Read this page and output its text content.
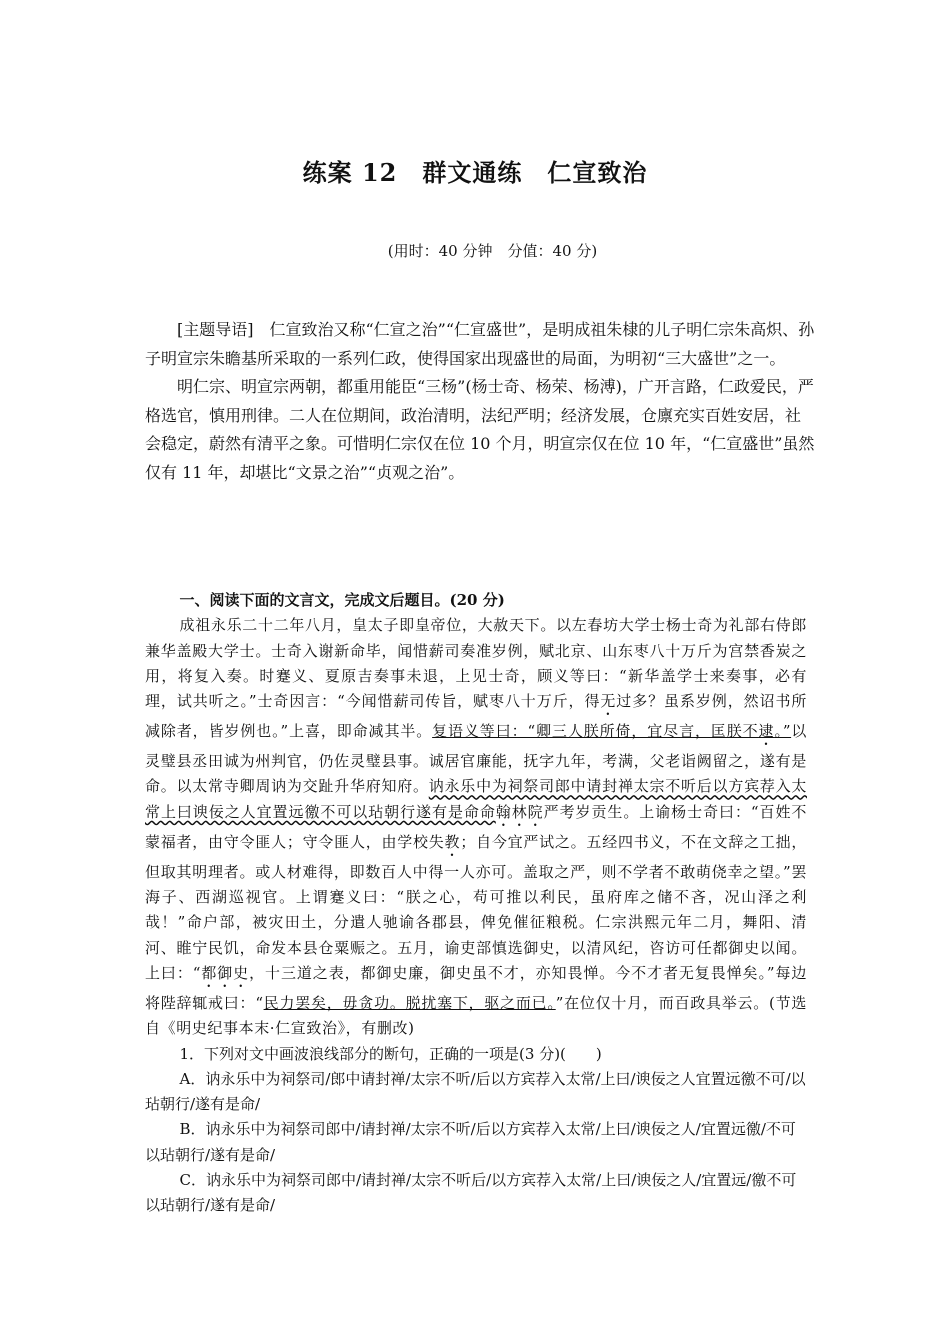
练案 12　群文通练　仁宣致治
(用时：40 分钟　分值：40 分)

[主题导语]　仁宣致治又称“仁宣之治”“仁宣盛世”，是明成祖朱棣的儿子明仁宗朱高炽、孙子明宣宗朱瞻基所采取的一系列仁政，使得国家出现盛世的局面，为明初“三大盛世”之一。

明仁宗、明宣宗两朝，都重用能臣“三杨”(杨士奇、杨荣、杨溥)，广开言路，仁政爱民，严格选官，慎用刑律。二人在位期间，政治清明，法纪严明；经济发展，仓廪充实百姓安居，社会稳定，蔚然有清平之象。可惜明仁宗仅在位 10 个月，明宣宗仅在位 10 年，“仁宣盛世”虽然仅有 11 年，却堪比“文景之治”“贞观之治”。

一、阅读下面的文言文，完成文后题目。(20 分)

成祖永乐二十二年八月，皇太子即皇帝位，大赦天下。以左春坊大学士杨士奇为礼部右侍郎兼华盖殿大学士。士奇入谢新命毕，闻惜薪司奏准岁例，赋北京、山东枣八十万斤为宫禁香炭之用，将复入奏。时蹇义、夏原吉奏事未退，上见士奇，顾义等曰：“新华盖学士来奏事，必有理，试共听之。”士奇因言：“今闻惜薪司传旨，赋枣八十万斤，得无过多？虽系岁例，然诏书所减除者，皆岁例也。”上喜，即命减其半。复语义等曰：“卿三人朕所倚，宜尽言，匡朕不逮。”以灵璧县丞田诚为州判官，仍佐灵璧县事。诚居官廉能，抚字九年，考满，父老诣阙留之，遂有是命。以太常寺卿周讷为交趾升华府知府。讷永乐中为祠祭司郎中请封禅太宗不听后以方宾荐入太常上曰谀佞之人宜置远徼不可以玷朝行遂有是命命翰林院严考岁贡生。上谕杨士奇曰：“百姓不蒙福者，由守令匪人；守令匪人，由学校失教；自今宜严试之。五经四书义，不在文辞之工拙，但取其明理者。或人材难得，即数百人中得一人亦可。盖取之严，则不学者不敢萌侥幸之望。”罢海子、西湖巡视官。上谓蹇义曰：“朕之心，苟可推以利民，虽府库之储不吝，况山泽之利哉！”命户部，被灾田土，分遣人驰谕各郡县，俾免催征粮税。仁宗洪熙元年二月，舞阳、清河、睢宁民饥，命发本县仓粟赈之。五月，谕吏部慎选御史，以清风纪，咨访可任都御史以闻。上曰：“都御史，十三道之表，都御史廉，御史虽不才，亦知畏惮。今不才者无复畏惮矣。”每边将陛辞辄戒曰：“民力罢矣，毋贪功。脱扰塞下，驱之而已。”在位仅十月，而百政具举云。(节选自《明史纪事本末·仁宣致治》，有删改)

1．下列对文中画波浪线部分的断句，正确的一项是(3 分)(　　)

A．讷永乐中为祠祭司/郎中请封禅/太宗不听/后以方宾荐入太常/上曰/谀佞之人宜置远徼不可/以玷朝行/遂有是命/

B．讷永乐中为祠祭司郎中/请封禅/太宗不听/后以方宾荐入太常/上曰/谀佞之人/宜置远徼/不可以玷朝行/遂有是命/

C．讷永乐中为祠祭司郎中/请封禅/太宗不听后/以方宾荐入太常/上曰/谀佞之人/宜置远/徼不可以玷朝行/遂有是命/
